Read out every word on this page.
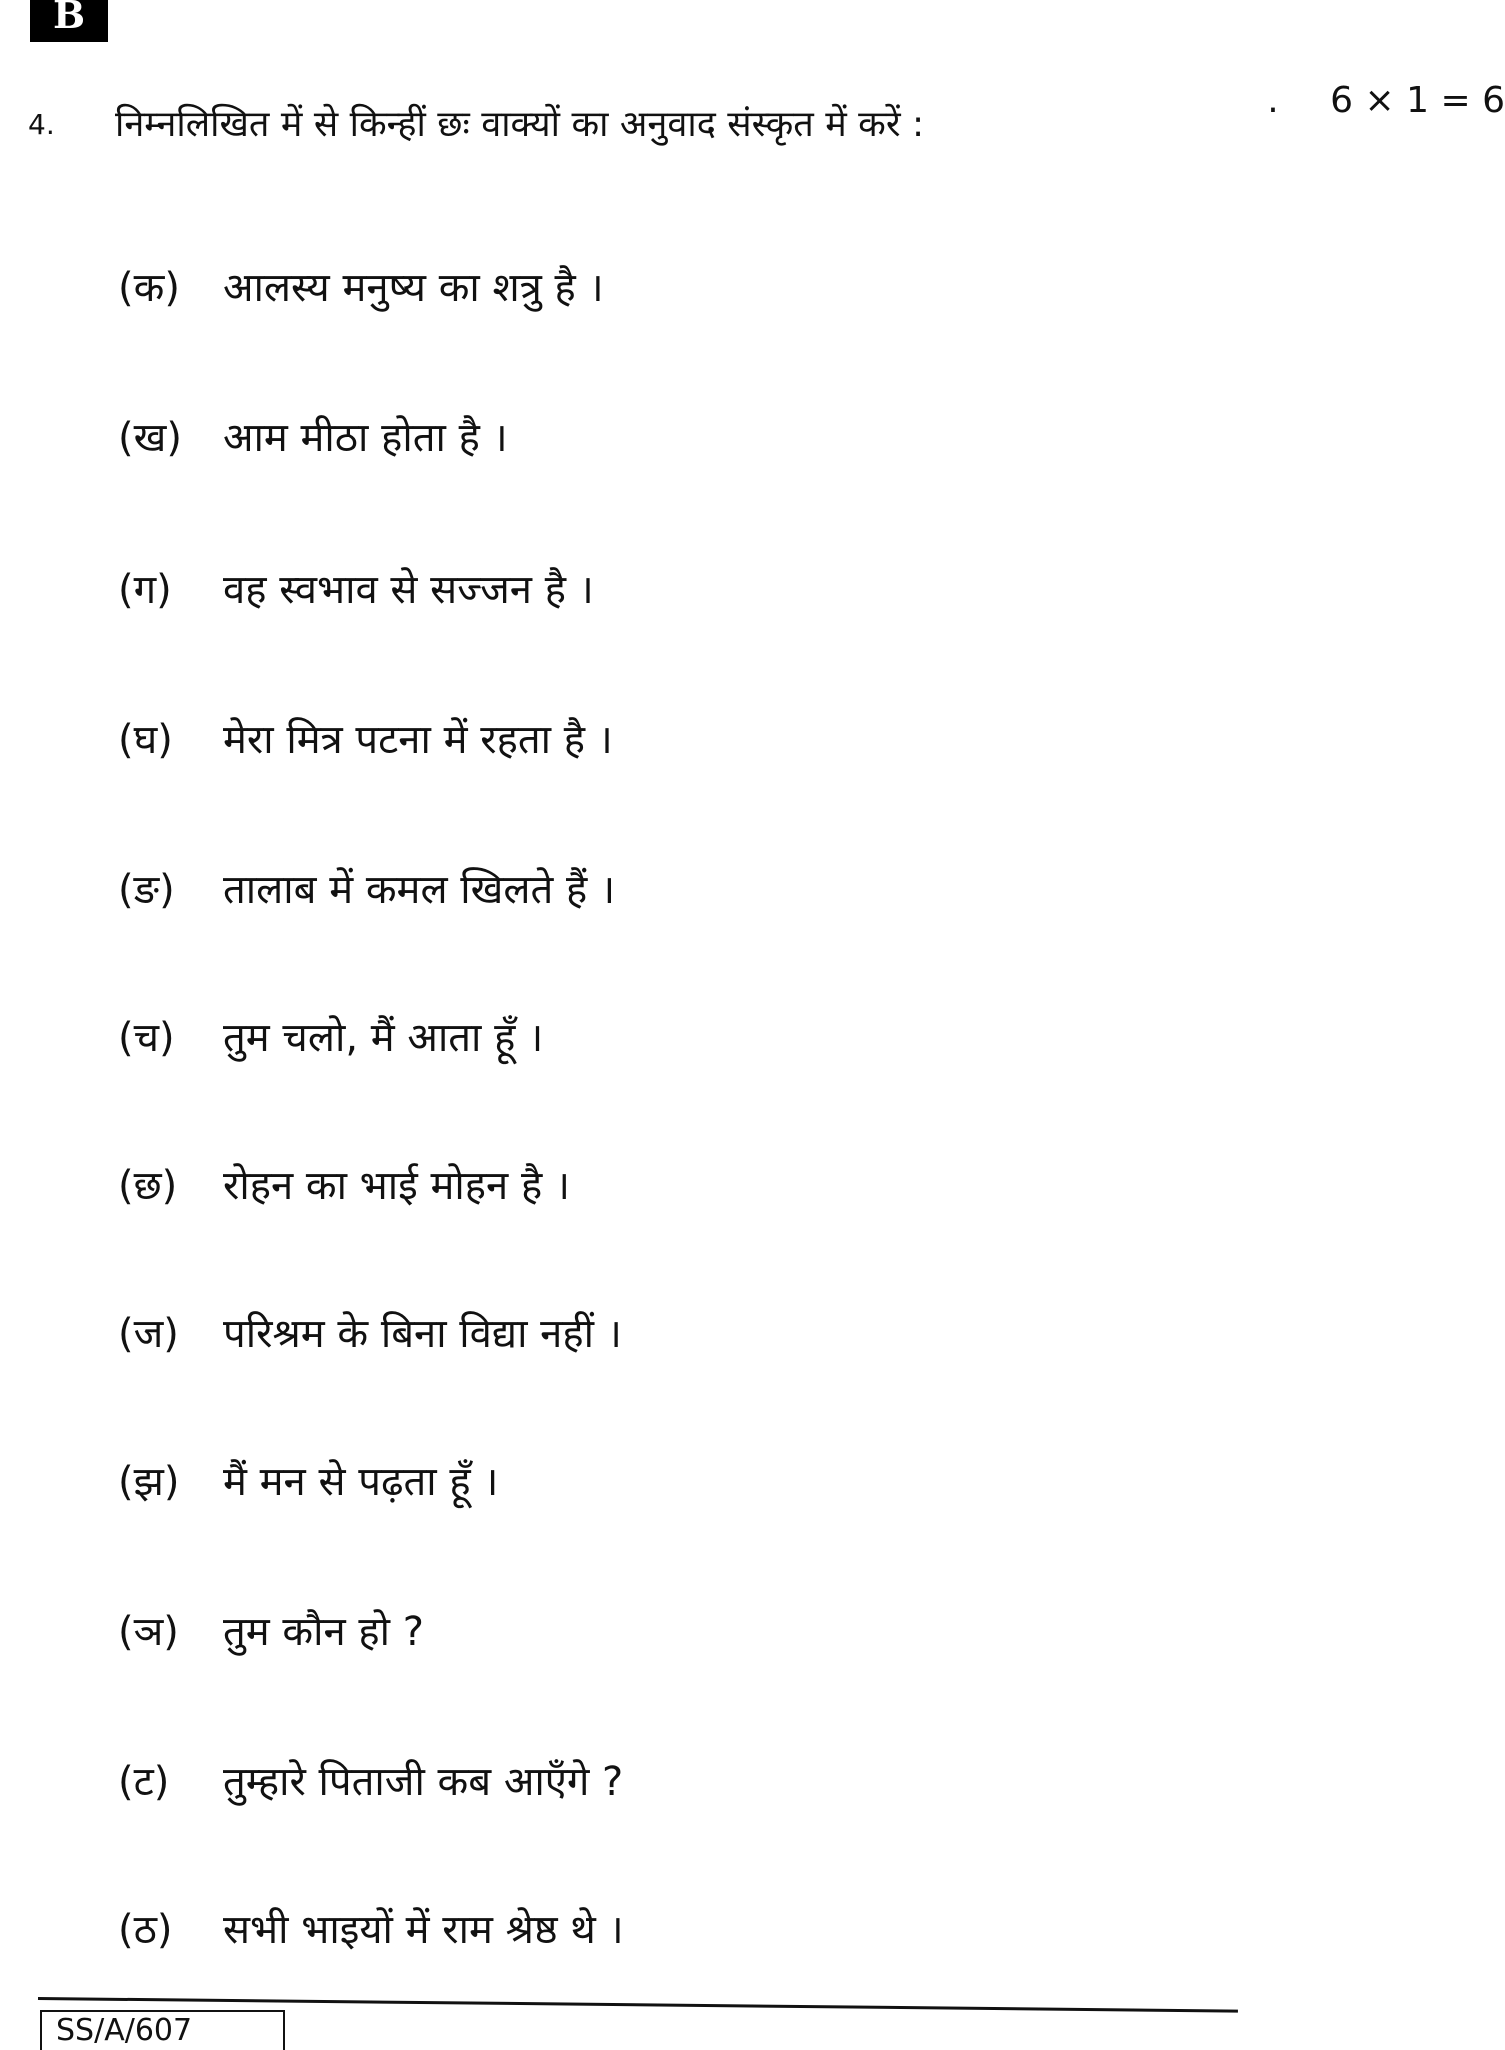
B
4. निम्नलिखित में से किन्हीं छः वाक्यों का अनुवाद संस्कृत में करें :
. 6 × 1 = 6
(क)	आलस्य मनुष्य का शत्रु है ।
(ख)	आम मीठा होता है ।
(ग)	वह स्वभाव से सज्जन है ।
(घ)	मेरा मित्र पटना में रहता है ।
(ङ)	तालाब में कमल खिलते हैं ।
(च)	तुम चलो, मैं आता हूँ ।
(छ)	रोहन का भाई मोहन है ।
(ज)	परिश्रम के बिना विद्या नहीं ।
(झ)	मैं मन से पढ़ता हूँ ।
(ञ)	तुम कौन हो ?
(ट)	तुम्हारे पिताजी कब आएँगे ?
(ठ)	सभी भाइयों में राम श्रेष्ठ थे ।
SS/A/607
